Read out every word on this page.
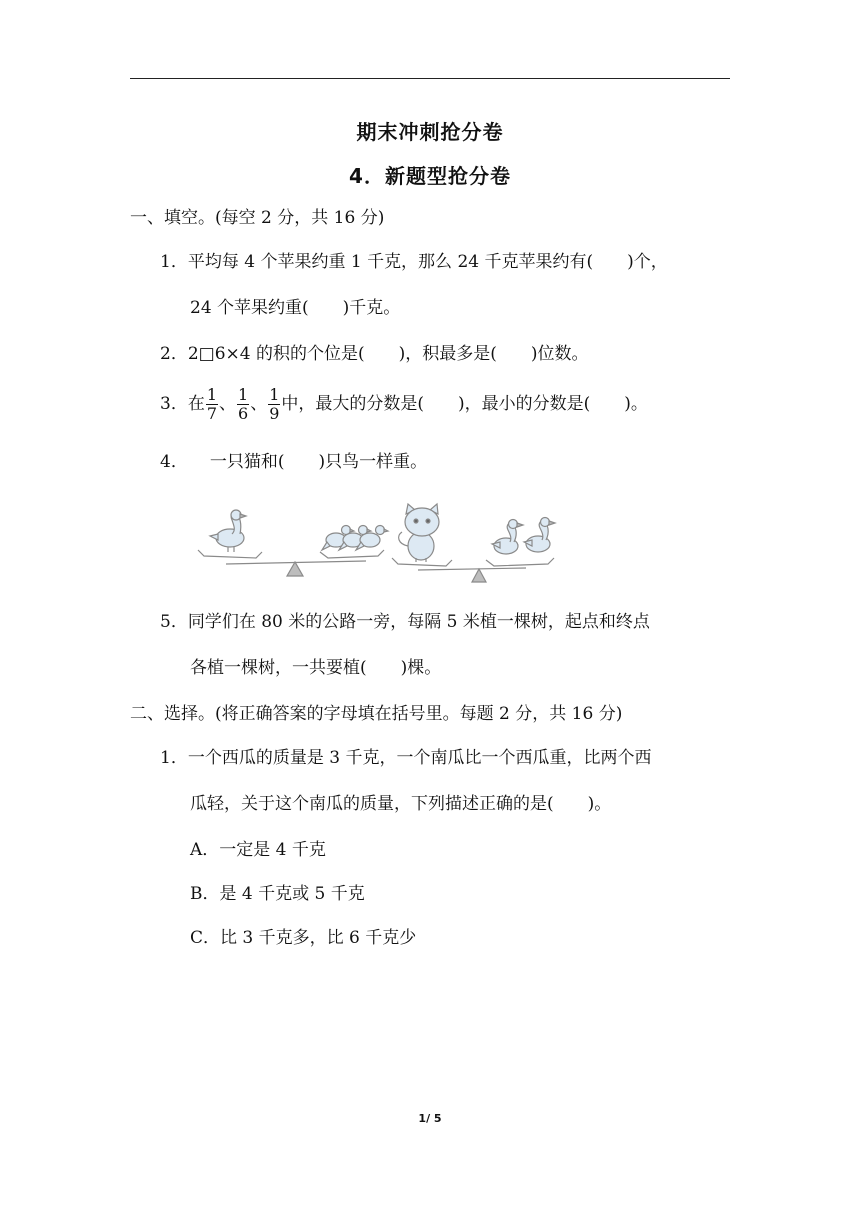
期末冲刺抢分卷
4．新题型抢分卷
一、填空。(每空 2 分，共 16 分)
1．平均每 4 个苹果约重 1 千克，那么 24 千克苹果约有(　　)个，
24 个苹果约重(　　)千克。
2．2□6×4 的积的个位是(　　)，积最多是(　　)位数。
3．在 $\frac{1}{7}$ 、 $\frac{1}{6}$ 、 $\frac{1}{9}$ 中，最大的分数是(　　)，最小的分数是(　　)。
4． 一只猫和(　　)只鸟一样重。
5．同学们在 80 米的公路一旁，每隔 5 米植一棵树，起点和终点
各植一棵树，一共要植(　　)棵。
二、选择。(将正确答案的字母填在括号里。每题 2 分，共 16 分)
1．一个西瓜的质量是 3 千克，一个南瓜比一个西瓜重，比两个西
瓜轻，关于这个南瓜的质量，下列描述正确的是(　　)。
A．一定是 4 千克
B．是 4 千克或 5 千克
C．比 3 千克多，比 6 千克少
1/ 5
